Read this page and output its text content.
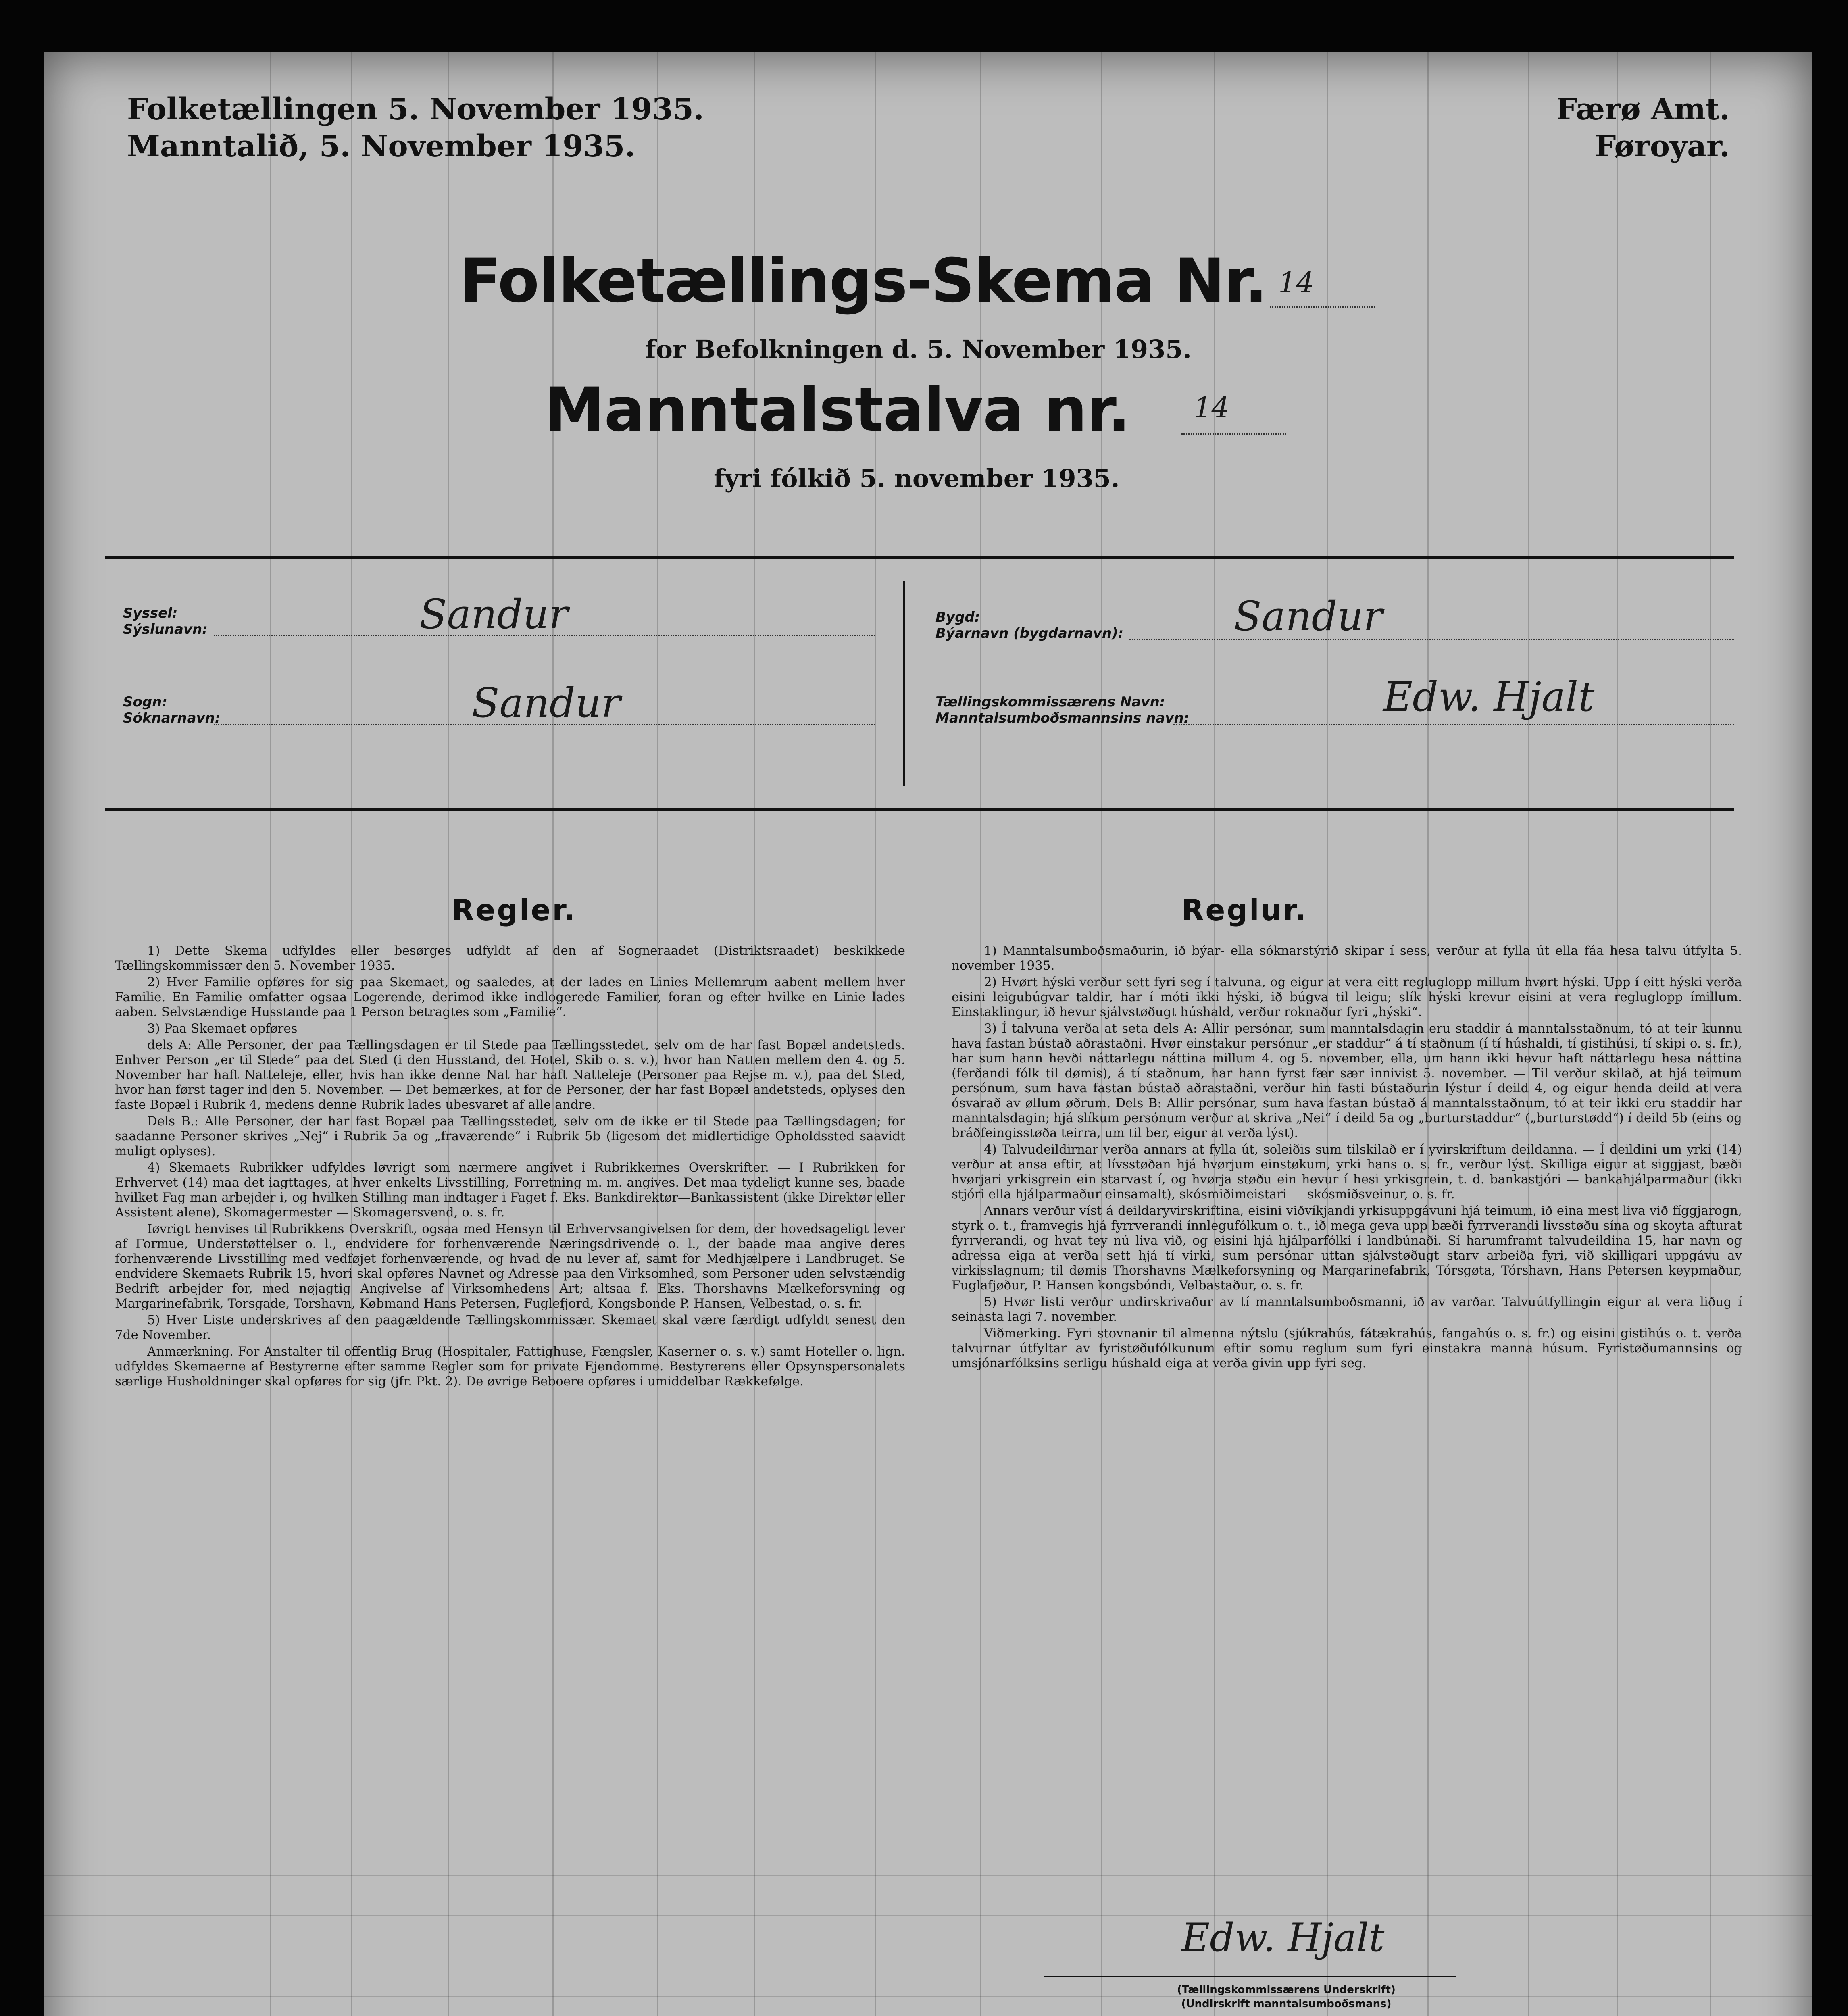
Folketællingen 5. November 1935.
Manntalið, 5. November 1935.
Færø Amt.
Føroyar.
Folketællings-Skema Nr. 14
for Befolkningen d. 5. November 1935.
Manntalstalva nr. 14
fyri fólkið 5. november 1935.
Syssel:
Sýslunavn:	Sandur
Sogn:
Sóknarnavn:	Sandur
Bygd:
Býarnavn (bygdarnavn):	Sandur
Tællingskommissærens Navn:
Manntalsumboðsmannsins navn:	Edw. Hjalt
Regler.

1) Dette Skema udfyldes eller besørges udfyldt af den af Sogneraadet (Distriktsraadet) beskikkede Tællingskommissær den 5. November 1935.

2) Hver Familie opføres for sig paa Skemaet, og saaledes, at der lades en Linies Mellemrum aabent mellem hver Familie. En Familie omfatter ogsaa Logerende, derimod ikke indlogerede Familier, foran og efter hvilke en Linie lades aaben. Selvstændige Husstande paa 1 Person betragtes som „Familie“.

3) Paa Skemaet opføres

dels A: Alle Personer, der paa Tællingsdagen er til Stede paa Tællingsstedet, selv om de har fast Bopæl andetsteds. Enhver Person „er til Stede“ paa det Sted (i den Husstand, det Hotel, Skib o. s. v.), hvor han Natten mellem den 4. og 5. November har haft Natteleje, eller, hvis han ikke denne Nat har haft Natteleje (Personer paa Rejse m. v.), paa det Sted, hvor han først tager ind den 5. November. — Det bemærkes, at for de Personer, der har fast Bopæl andetsteds, oplyses den faste Bopæl i Rubrik 4, medens denne Rubrik lades ubesvaret af alle andre.

Dels B.: Alle Personer, der har fast Bopæl paa Tællingsstedet, selv om de ikke er til Stede paa Tællingsdagen; for saadanne Personer skrives „Nej“ i Rubrik 5a og „fraværende“ i Rubrik 5b (ligesom det midlertidige Opholdssted saavidt muligt oplyses).

4) Skemaets Rubrikker udfyldes løvrigt som nærmere angivet i Rubrikkernes Overskrifter. — I Rubrikken for Erhvervet (14) maa det iagttages, at hver enkelts Livsstilling, Forretning m. m. angives. Det maa tydeligt kunne ses, baade hvilket Fag man arbejder i, og hvilken Stilling man indtager i Faget f. Eks. Bankdirektør—Bankassistent (ikke Direktør eller Assistent alene), Skomagermester — Skomagersvend, o. s. fr.

Iøvrigt henvises til Rubrikkens Overskrift, ogsaa med Hensyn til Erhvervsangivelsen for dem, der hovedsageligt lever af Formue, Understøttelser o. l., endvidere for forhenværende Næringsdrivende o. l., der baade maa angive deres forhenværende Livsstilling med vedføjet forhenværende, og hvad de nu lever af, samt for Medhjælpere i Landbruget. Se endvidere Skemaets Rubrik 15, hvori skal opføres Navnet og Adresse paa den Virksomhed, som Personer uden selvstændig Bedrift arbejder for, med nøjagtig Angivelse af Virksomhedens Art; altsaa f. Eks. Thorshavns Mælkeforsyning og Margarinefabrik, Torsgade, Torshavn, Købmand Hans Petersen, Fuglefjord, Kongsbonde P. Hansen, Velbestad, o. s. fr.

5) Hver Liste underskrives af den paagældende Tællingskommissær. Skemaet skal være færdigt udfyldt senest den 7de November.

Anmærkning. For Anstalter til offentlig Brug (Hospitaler, Fattighuse, Fængsler, Kaserner o. s. v.) samt Hoteller o. lign. udfyldes Skemaerne af Bestyrerne efter samme Regler som for private Ejendomme. Bestyrerens eller Opsynspersonalets særlige Husholdninger skal opføres for sig (jfr. Pkt. 2). De øvrige Beboere opføres i umiddelbar Rækkefølge.

Reglur.

1) Manntalsumboðsmaðurin, ið býar- ella sóknarstýrið skipar í sess, verður at fylla út ella fáa hesa talvu útfylta 5. november 1935.

2) Hvørt hýski verður sett fyri seg í talvuna, og eigur at vera eitt regluglopp millum hvørt hýski. Upp í eitt hýski verða eisini leigubúgvar taldir, har í móti ikki hýski, ið búgva til leigu; slík hýski krevur eisini at vera regluglopp ímillum. Einstaklingur, ið hevur sjálvstøðugt húshald, verður roknaður fyri „hýski“.

3) Í talvuna verða at seta dels A: Allir persónar, sum manntalsdagin eru staddir á manntalsstaðnum, tó at teir kunnu hava fastan bústað aðrastaðni. Hvør einstakur persónur „er staddur“ á tí staðnum (í tí húshaldi, tí gistihúsi, tí skipi o. s. fr.), har sum hann hevði náttarlegu náttina millum 4. og 5. november, ella, um hann ikki hevur haft náttarlegu hesa náttina (ferðandi fólk til dømis), á tí staðnum, har hann fyrst fær sær innivist 5. november. — Til verður skilað, at hjá teimum persónum, sum hava fastan bústað aðrastaðni, verður hin fasti bústaðurin lýstur í deild 4, og eigur henda deild at vera ósvarað av øllum øðrum. Dels B: Allir persónar, sum hava fastan bústað á manntalsstaðnum, tó at teir ikki eru staddir har manntalsdagin; hjá slíkum persónum verður at skriva „Nei“ í deild 5a og „burturstaddur“ („burturstødd“) í deild 5b (eins og bráðfeingisstøða teirra, um til ber, eigur at verða lýst).

4) Talvudeildirnar verða annars at fylla út, soleiðis sum tilskilað er í yvirskriftum deildanna. — Í deildini um yrki (14) verður at ansa eftir, at lívsstøðan hjá hvørjum einstøkum, yrki hans o. s. fr., verður lýst. Skilliga eigur at siggjast, bæði hvørjari yrkisgrein ein starvast í, og hvørja støðu ein hevur í hesi yrkisgrein, t. d. bankastjóri — bankahjálparmaður (ikki stjóri ella hjálparmaður einsamalt), skósmiðimeistari — skósmiðsveinur, o. s. fr.

Annars verður víst á deildaryvirskriftina, eisini viðvíkjandi yrkisuppgávuni hjá teimum, ið eina mest liva við fíggjarogn, styrk o. t., framvegis hjá fyrrverandi ínnlegufólkum o. t., ið mega geva upp bæði fyrrverandi lívsstøðu sína og skoyta afturat fyrrverandi, og hvat tey nú liva við, og eisini hjá hjálparfólki í landbúnaði. Sí harumframt talvudeildina 15, har navn og adressa eiga at verða sett hjá tí virki, sum persónar uttan sjálvstøðugt starv arbeiða fyri, við skilligari uppgávu av virkisslagnum; til dømis Thorshavns Mælkeforsyning og Margarinefabrik, Tórsgøta, Tórshavn, Hans Petersen keypmaður, Fuglafjøður, P. Hansen kongsbóndi, Velbastaður, o. s. fr.

5) Hvør listi verður undirskrivaður av tí manntalsumboðsmanni, ið av varðar. Talvuútfyllingin eigur at vera liðug í seinasta lagi 7. november.

Viðmerking. Fyri stovnanir til almenna nýtslu (sjúkrahús, fátækrahús, fangahús o. s. fr.) og eisini gistihús o. t. verða talvurnar útfyltar av fyristøðufólkunum eftir somu reglum sum fyri einstakra manna húsum. Fyristøðumannsins og umsjónarfólksins serligu húshald eiga at verða givin upp fyri seg.

Edw. Hjalt
(Tællingskommissærens Underskrift)
(Undirskrift manntalsumboðsmans)
